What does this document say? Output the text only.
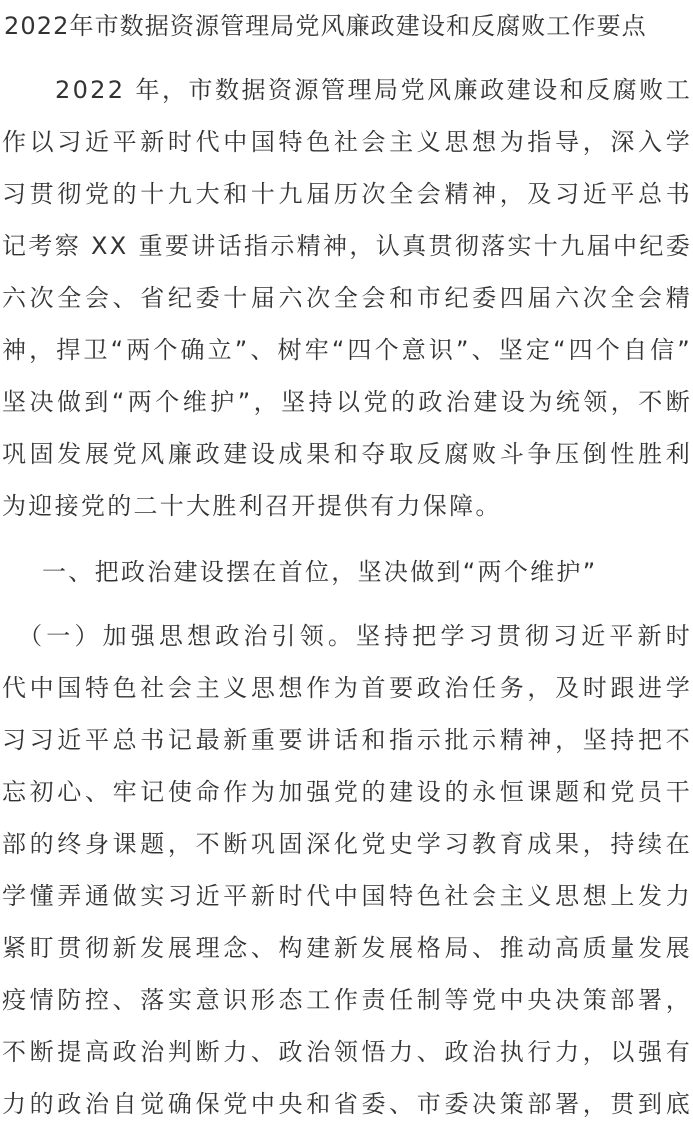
2022年市数据资源管理局党风廉政建设和反腐败工作要点
　　2022 年，市数据资源管理局党风廉政建设和反腐败工
作以习近平新时代中国特色社会主义思想为指导，深入学
习贯彻党的十九大和十九届历次全会精神，及习近平总书
记考察 XX 重要讲话指示精神，认真贯彻落实十九届中纪委
六次全会、省纪委十届六次全会和市纪委四届六次全会精
神，捍卫“两个确立”、树牢“四个意识”、坚定“四个自信”
坚决做到“两个维护”，坚持以党的政治建设为统领，不断
巩固发展党风廉政建设成果和夺取反腐败斗争压倒性胜利
为迎接党的二十大胜利召开提供有力保障。
一、把政治建设摆在首位，坚决做到“两个维护”
　（一）加强思想政治引领。坚持把学习贯彻习近平新时
代中国特色社会主义思想作为首要政治任务，及时跟进学
习习近平总书记最新重要讲话和指示批示精神，坚持把不
忘初心、牢记使命作为加强党的建设的永恒课题和党员干
部的终身课题，不断巩固深化党史学习教育成果，持续在
学懂弄通做实习近平新时代中国特色社会主义思想上发力
紧盯贯彻新发展理念、构建新发展格局、推动高质量发展
疫情防控、落实意识形态工作责任制等党中央决策部署，
不断提高政治判断力、政治领悟力、政治执行力，以强有
力的政治自觉确保党中央和省委、市委决策部署，贯到底
